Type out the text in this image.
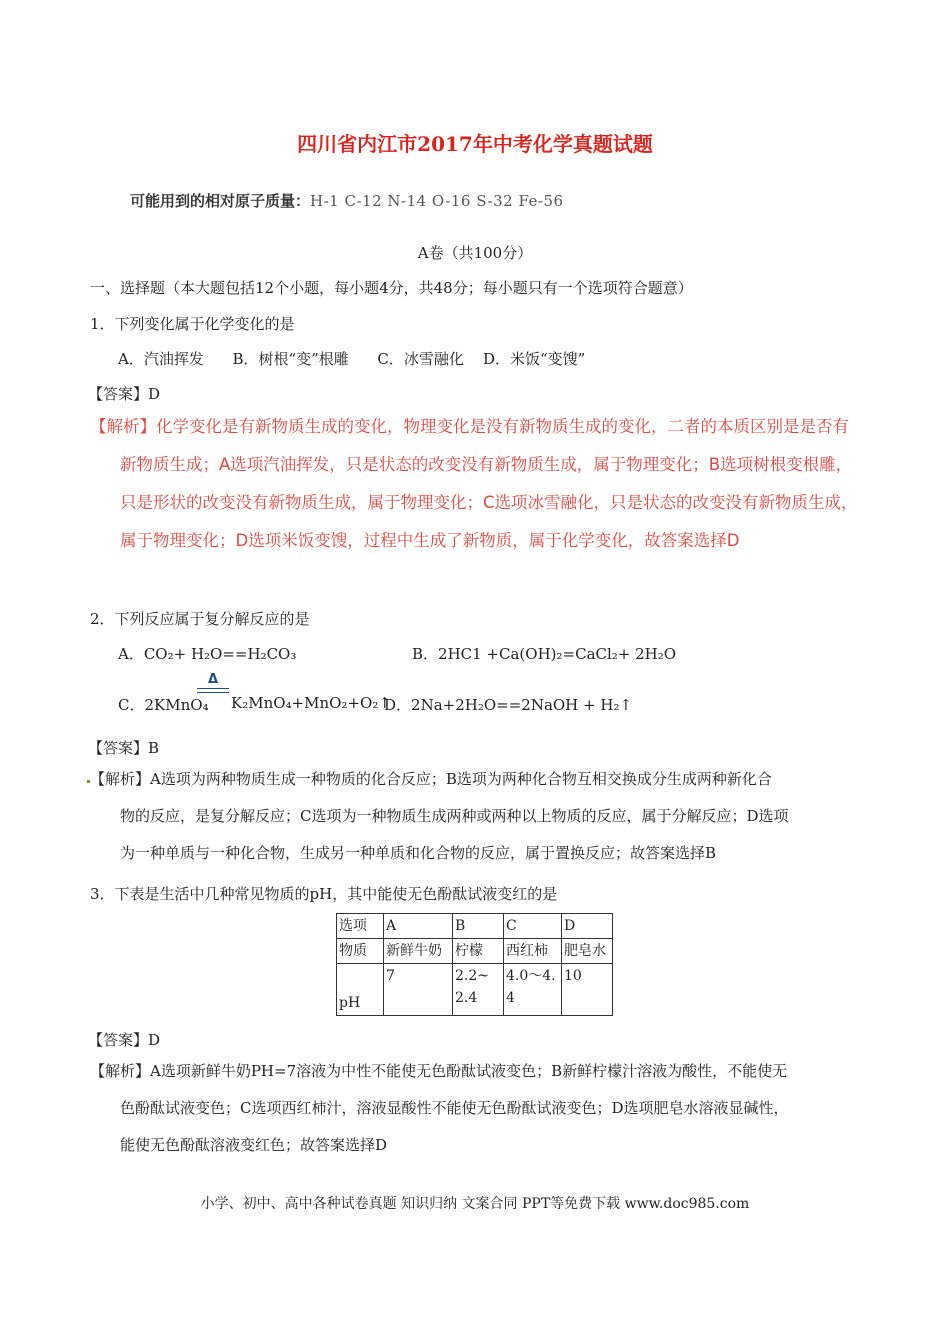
四川省内江市2017年中考化学真题试题
可能用到的相对原子质量：H-1 C-12 N-14 O-16 S-32 Fe-56
A卷（共100分）
一、选择题（本大题包括12个小题，每小题4分，共48分；每小题只有一个选项符合题意）
1．下列变化属于化学变化的是
A．汽油挥发      B．树根“变”根雕      C．冰雪融化    D．米饭“变馊”
【答案】D
【解析】化学变化是有新物质生成的变化，物理变化是没有新物质生成的变化，二者的本质区别是是否有
新物质生成；A选项汽油挥发，只是状态的改变没有新物质生成，属于物理变化；B选项树根变根雕，
只是形状的改变没有新物质生成，属于物理变化；C选项冰雪融化，只是状态的改变没有新物质生成，
属于物理变化；D选项米饭变馊，过程中生成了新物质，属于化学变化，故答案选择D
2．下列反应属于复分解反应的是
A．CO₂+ H₂O==H₂CO₃	B．2HC1 +Ca(OH)₂=CaCl₂+ 2H₂O
C．2KMnO₄
Δ
K₂MnO₄+MnO₂+O₂↑
D．2Na+2H₂O==2NaOH + H₂↑
【答案】B
【解析】A选项为两种物质生成一种物质的化合反应；B选项为两种化合物互相交换成分生成两种新化合
物的反应，是复分解反应；C选项为一种物质生成两种或两种以上物质的反应，属于分解反应；D选项
为一种单质与一种化合物，生成另一种单质和化合物的反应，属于置换反应；故答案选择B
3．下表是生活中几种常见物质的pH，其中能使无色酚酞试液变红的是
选项	A	B	C	D
物质	新鲜牛奶	柠檬	西红柿	肥皂水
pH	7	2.2~2.4	4.0～4.4	10
【答案】D
【解析】A选项新鲜牛奶PH=7溶液为中性不能使无色酚酞试液变色；B新鲜柠檬汁溶液为酸性，不能使无
色酚酞试液变色；C选项西红柿汁，溶液显酸性不能使无色酚酞试液变色；D选项肥皂水溶液显碱性，
能使无色酚酞溶液变红色；故答案选择D
小学、初中、高中各种试卷真题 知识归纳 文案合同 PPT等免费下载 www.doc985.com
